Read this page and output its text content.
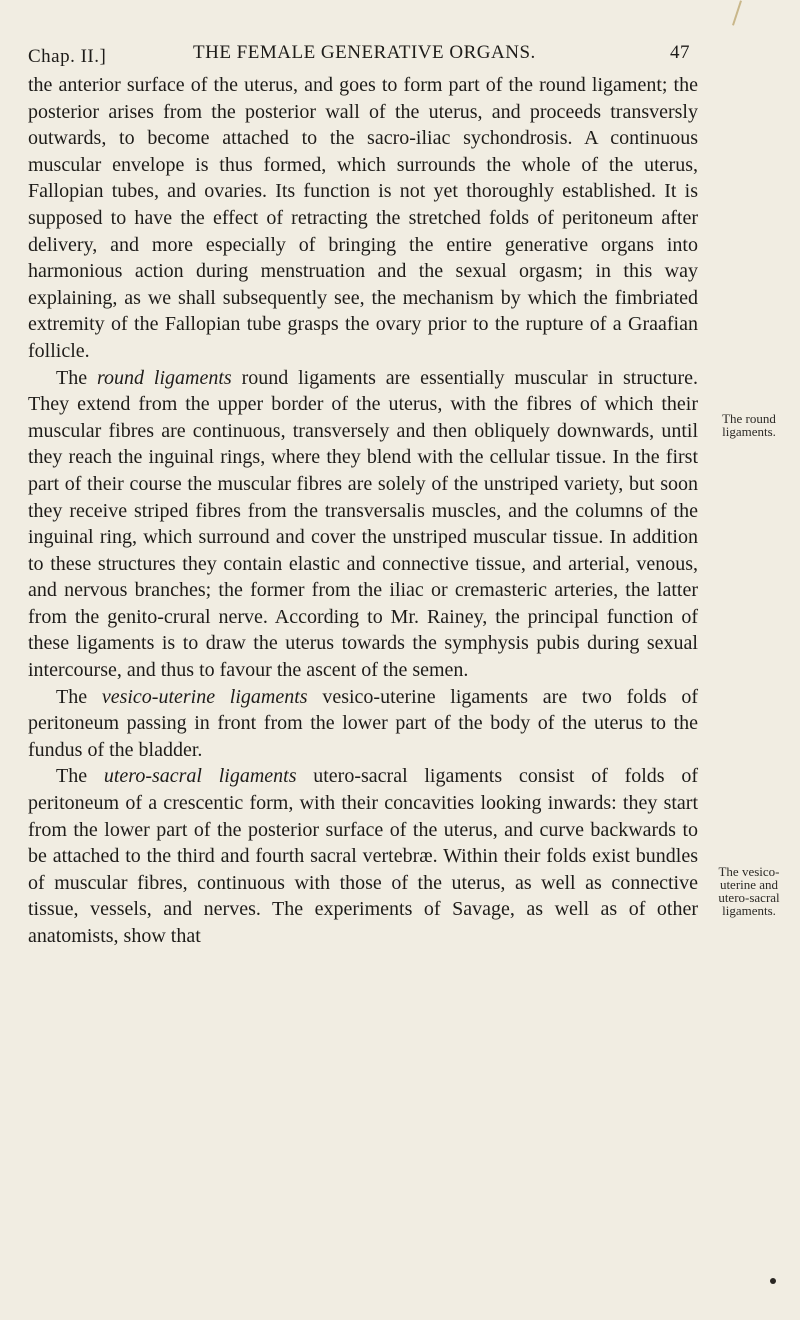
Chap. II.]	THE FEMALE GENERATIVE ORGANS.	47

the anterior surface of the uterus, and goes to form part of the round ligament; the posterior arises from the posterior wall of the uterus, and proceeds transversly outwards, to become attached to the sacro-iliac sychondrosis. A continuous muscular envelope is thus formed, which surrounds the whole of the uterus, Fallopian tubes, and ovaries. Its function is not yet thoroughly established. It is supposed to have the effect of retracting the stretched folds of peritoneum after delivery, and more especially of bringing the entire generative organs into harmonious action during menstruation and the sexual orgasm; in this way explaining, as we shall subsequently see, the mechanism by which the fimbriated extremity of the Fallopian tube grasps the ovary prior to the rupture of a Graafian follicle.

The round ligaments round ligaments are essentially muscular in structure. They extend from the upper border of the uterus, with the fibres of which their muscular fibres are continuous, transversely and then obliquely downwards, until they reach the inguinal rings, where they blend with the cellular tissue. In the first part of their course the muscular fibres are solely of the unstriped variety, but soon they receive striped fibres from the transversalis muscles, and the columns of the inguinal ring, which surround and cover the unstriped muscular tissue. In addition to these structures they contain elastic and connective tissue, and arterial, venous, and nervous branches; the former from the iliac or cremasteric arteries, the latter from the genito-crural nerve. According to Mr. Rainey, the principal function of these ligaments is to draw the uterus towards the symphysis pubis during sexual intercourse, and thus to favour the ascent of the semen.

The vesico-uterine ligaments vesico-uterine ligaments are two folds of peritoneum passing in front from the lower part of the body of the uterus to the fundus of the bladder.

The utero-sacral ligaments utero-sacral ligaments consist of folds of peritoneum of a crescentic form, with their concavities looking inwards: they start from the lower part of the posterior surface of the uterus, and curve backwards to be attached to the third and fourth sacral vertebræ. Within their folds exist bundles of muscular fibres, continuous with those of the uterus, as well as connective tissue, vessels, and nerves. The experiments of Savage, as well as of other anatomists, show that

The round ligaments.
The vesico-uterine and utero-sacral ligaments.
